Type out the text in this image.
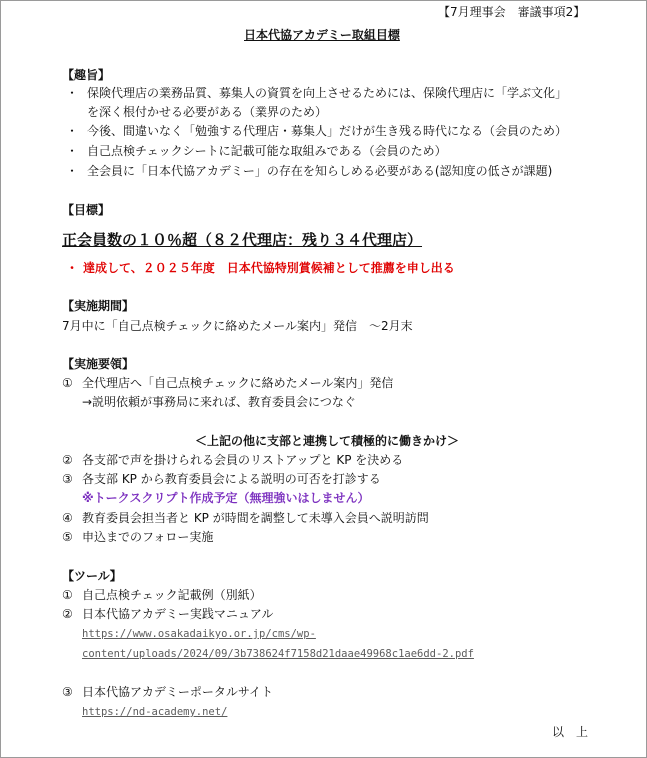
【7月理事会　審議事項2】
日本代協アカデミー取組目標
【趣旨】
・ 保険代理店の業務品質、募集人の資質を向上させるためには、保険代理店に「学ぶ文化」
を深く根付かせる必要がある（業界のため）
・ 今後、間違いなく「勉強する代理店・募集人」だけが生き残る時代になる（会員のため）
・ 自己点検チェックシートに記載可能な取組みである（会員のため）
・ 全会員に「日本代協アカデミー」の存在を知らしめる必要がある(認知度の低さが課題)
【目標】
正会員数の１０％超（８２代理店：残り３４代理店）
・ 達成して、２０２５年度　日本代協特別賞候補として推薦を申し出る
【実施期間】
7月中に「自己点検チェックに絡めたメール案内」発信　～2月末
【実施要領】
① 全代理店へ「自己点検チェックに絡めたメール案内」発信
→説明依頼が事務局に来れば、教育委員会につなぐ
＜上記の他に支部と連携して積極的に働きかけ＞
② 各支部で声を掛けられる会員のリストアップと KP を決める
③ 各支部 KP から教育委員会による説明の可否を打診する
※トークスクリプト作成予定（無理強いはしません）
④ 教育委員会担当者と KP が時間を調整して未導入会員へ説明訪問
⑤ 申込までのフォロー実施
【ツール】
① 自己点検チェック記載例（別紙）
② 日本代協アカデミー実践マニュアル
https://www.osakadaikyo.or.jp/cms/wp-
content/uploads/2024/09/3b738624f7158d21daae49968c1ae6dd-2.pdf
③ 日本代協アカデミーポータルサイト
https://nd-academy.net/
以　上
